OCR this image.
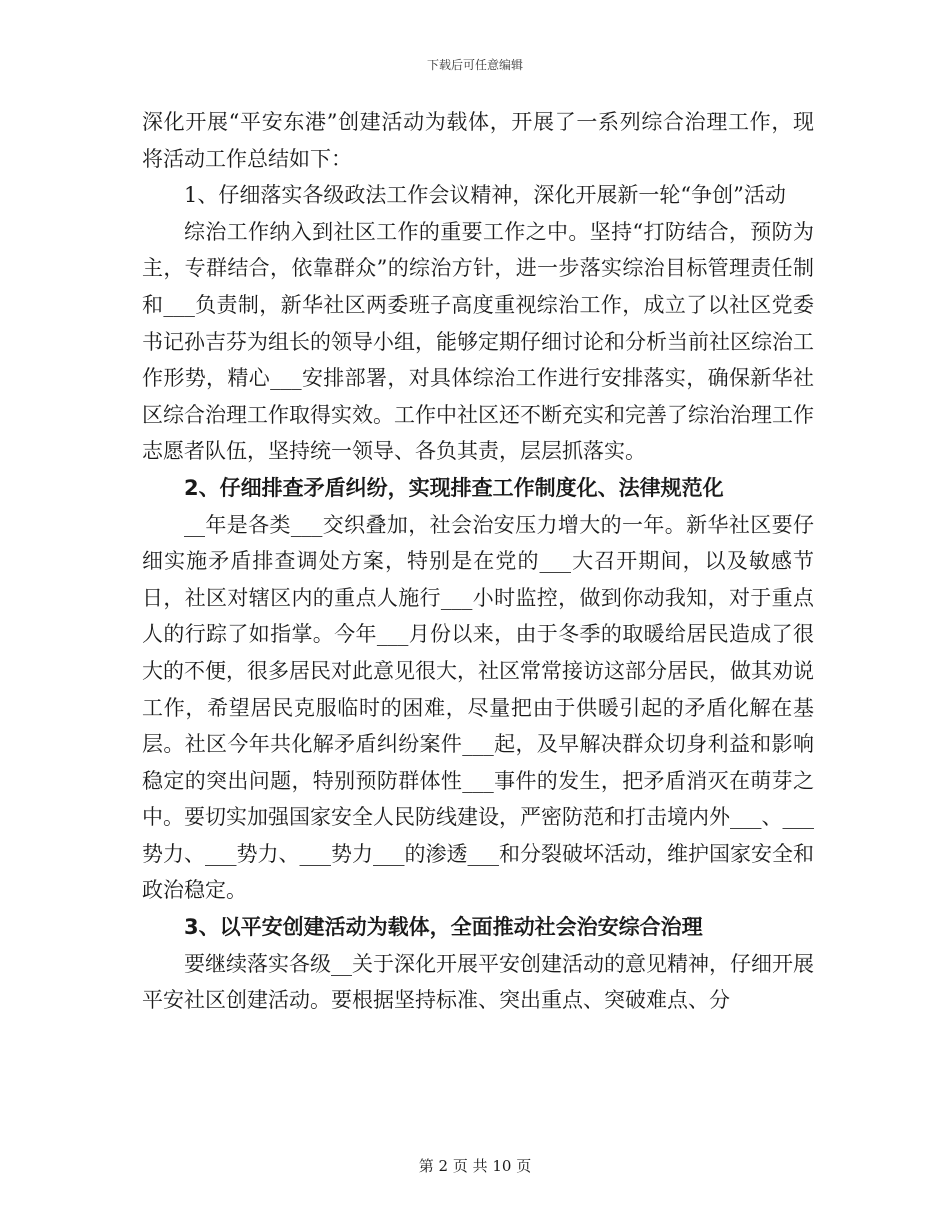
下载后可任意编辑

深化开展“平安东港”创建活动为载体，开展了一系列综合治理工作，现将活动工作总结如下：

1、仔细落实各级政法工作会议精神，深化开展新一轮“争创”活动

综治工作纳入到社区工作的重要工作之中。坚持“打防结合，预防为主，专群结合，依靠群众”的综治方针，进一步落实综治目标管理责任制和___负责制，新华社区两委班子高度重视综治工作，成立了以社区党委书记孙吉芬为组长的领导小组，能够定期仔细讨论和分析当前社区综治工作形势，精心___安排部署，对具体综治工作进行安排落实，确保新华社区综合治理工作取得实效。工作中社区还不断充实和完善了综治治理工作志愿者队伍，坚持统一领导、各负其责，层层抓落实。

2、仔细排查矛盾纠纷，实现排查工作制度化、法律规范化

__年是各类___交织叠加，社会治安压力增大的一年。新华社区要仔细实施矛盾排查调处方案，特别是在党的___大召开期间，以及敏感节日，社区对辖区内的重点人施行___小时监控，做到你动我知，对于重点人的行踪了如指掌。今年___月份以来，由于冬季的取暖给居民造成了很大的不便，很多居民对此意见很大，社区常常接访这部分居民，做其劝说工作，希望居民克服临时的困难，尽量把由于供暖引起的矛盾化解在基层。社区今年共化解矛盾纠纷案件___起，及早解决群众切身利益和影响稳定的突出问题，特别预防群体性___事件的发生，把矛盾消灭在萌芽之中。要切实加强国家安全人民防线建设，严密防范和打击境内外___、___势力、___势力、___势力___的渗透___和分裂破坏活动，维护国家安全和政治稳定。

3、以平安创建活动为载体，全面推动社会治安综合治理

要继续落实各级__关于深化开展平安创建活动的意见精神，仔细开展平安社区创建活动。要根据坚持标准、突出重点、突破难点、分

第 2 页 共 10 页
